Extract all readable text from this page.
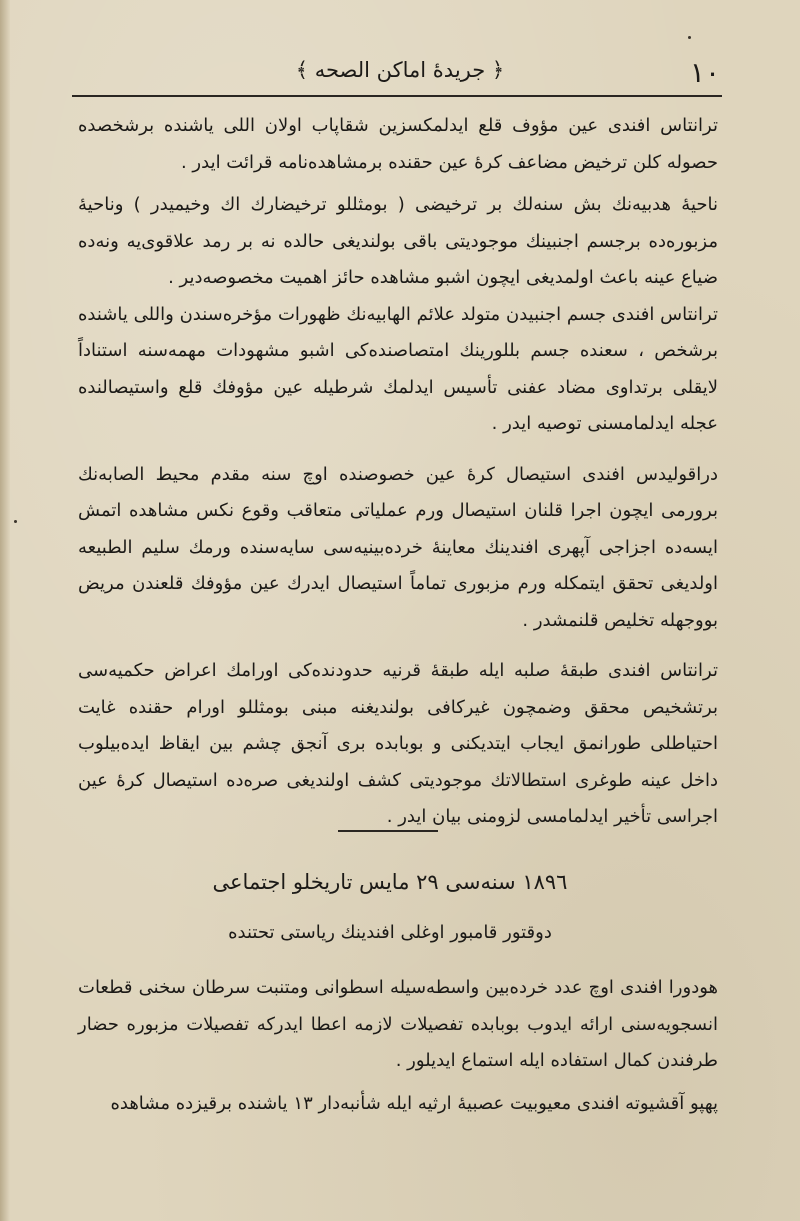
١٠
﴿ جريدهٔ اماکن الصحه ﴾

ترانتاس افندی عین مؤوف قلع ایدلمکسزین شقاپاب اولان اللی یاشنده برشخصده حصوله کلن ترخیض مضاعف کرهٔ عین حقنده برمشاهده‌نامه قرائت ایدر .

ناحیهٔ هدبیه‌نك بش سنه‌لك بر ترخیضی ( بومثللو ترخیضارك اك وخیمیدر ) وناحیهٔ مزبوره‌ده برجسم اجنبینك موجودیتی باقی بولندیغی حالده نه بر رمد علاقوی‌یه ونه‌ده ضیاع عینه باعث اولمدیغی ایچون اشبو مشاهده حائز اهمیت مخصوصه‌دیر .

ترانتاس افندی جسم اجنبیدن متولد علائم الهابیه‌نك ظهورات مؤخره‌سندن واللی یاشنده برشخص ، سعنده جسم بللورینك امتصاصنده‌کی اشبو مشهودات مهمه‌سنه استناداً لایقلی برتداوی مضاد عفنی تأسیس ایدلمك شرطیله عین مؤوفك قلع واستیصالنده عجله ایدلمامسنی توصیه ایدر .

دراقولیدس افندی استیصال کرهٔ عین خصوصنده اوچ سنه مقدم محیط الصابه‌نك برورمی ایچون اجرا قلنان استیصال ورم عملیاتی متعاقب وقوع نکس مشاهده اتمش ایسه‌ده اجزاجی آپهری افندینك معاینهٔ خرده‌بینیه‌سی سایه‌سنده ورمك سلیم الطبیعه اولدیغی تحقق ایتمکله ورم مزبوری تماماً استیصال ایدرك عین مؤوفك قلعندن مریض بووجهله تخلیص قلنمشدر .

ترانتاس افندی طبقهٔ صلبه ایله طبقهٔ قرنیه حدودنده‌کی اورامك اعراض حکمیه‌سی برتشخیص محقق وضمچون غیرکافی بولندیغنه مبنی بومثللو اورام حقنده غایت احتیاطلی طورانمق ایجاب ایتدیکنی و بوبابده بری آنجق چشم بین ایقاظ ایده‌بیلوب داخل عینه طوغری استطالاتك موجودیتی کشف اولندیغی صره‌ده استیصال کرهٔ عین اجراسی تأخیر ایدلمامسی لزومنی بیان ایدر .

١٨٩٦ سنه‌سی ٢٩ مایس تاریخلو اجتماعی
دوقتور قامبور اوغلی افندینك ریاستی تحتنده

هودورا افندی اوچ عدد خرده‌بین واسطه‌سیله اسطوانی ومتنبت سرطان سخنی قطعات انسجویه‌سنی ارائه ایدوب بوبابده تفصیلات لازمه اعطا ایدرکه تفصیلات مزبوره حضار طرفندن کمال استفاده ایله استماع ایدیلور .

پهپو آقشیوته افندی معیوبیت عصبیهٔ ارثیه ایله شأنبه‌دار ١٣ یاشنده برقیزده مشاهده
